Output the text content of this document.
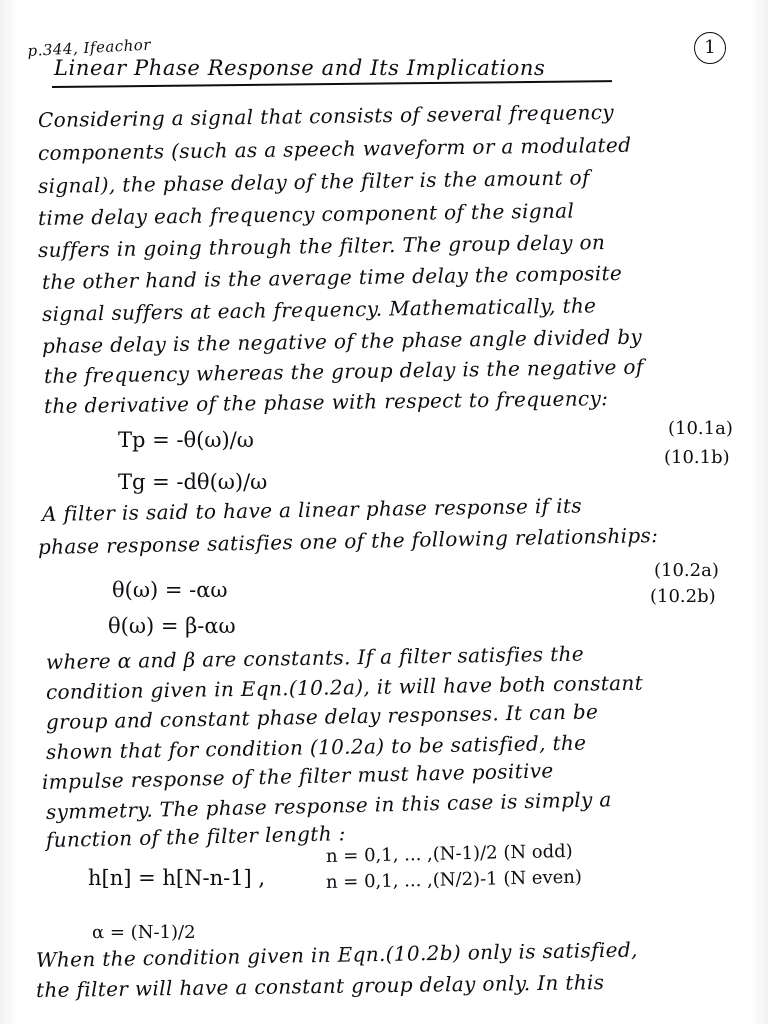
p.344, Ifeachor	1
Linear Phase Response and Its Implications
Considering a signal that consists of several frequency
components (such as a speech waveform or a modulated
signal), the phase delay of the filter is the amount of
time delay each frequency component of the signal
suffers in going through the filter. The group delay on
the other hand is the average time delay the composite
signal suffers at each frequency. Mathematically, the
phase delay is the negative of the phase angle divided by
the frequency whereas the group delay is the negative of
the derivative of the phase with respect to frequency:
Tp = -θ(ω)/ω	(10.1a)
Tg = -dθ(ω)/ω
(10.1b)
A filter is said to have a linear phase response if its
phase response satisfies one of the following relationships:
θ(ω) = -αω
(10.2a)
θ(ω) = β-αω
(10.2b)
where α and β are constants. If a filter satisfies the
condition given in Eqn.(10.2a), it will have both constant
group and constant phase delay responses. It can be
shown that for condition (10.2a) to be satisfied, the
impulse response of the filter must have positive
symmetry. The phase response in this case is simply a
function of the filter length :
h[n] = h[N-n-1] ,
n = 0,1, ... ,(N-1)/2 (N odd)
n = 0,1, ... ,(N/2)-1 (N even)
α = (N-1)/2
When the condition given in Eqn.(10.2b) only is satisfied,
the filter will have a constant group delay only. In this
